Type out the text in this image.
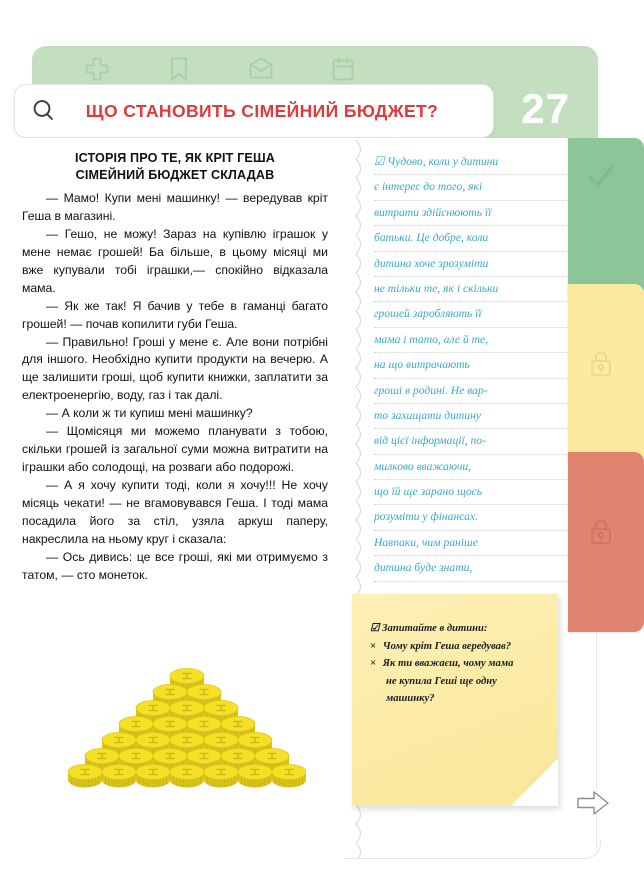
27
ЩО СТАНОВИТЬ СІМЕЙНИЙ БЮДЖЕТ?
ІСТОРІЯ ПРО ТЕ, ЯК КРІТ ГЕША
СІМЕЙНИЙ БЮДЖЕТ СКЛАДАВ

— Мамо! Купи мені машинку! — вередував кріт Геша в магазині.

— Гешо, не можу! Зараз на купівлю іграшок у мене немає грошей! Ба більше, в цьому місяці ми вже купували тобі іграшки,— спокійно відказала мама.

— Як же так! Я бачив у тебе в гаманці багато грошей! — почав копилити губи Геша.

— Правильно! Гроші у мене є. Але вони потрібні для іншого. Необхідно купити продукти на вечерю. А ще залишити гроші, щоб купити книжки, заплатити за електроенергію, воду, газ і так далі.

— А коли ж ти купиш мені машинку?

— Щомісяця ми можемо планувати з тобою, скільки грошей із загальної суми можна витратити на іграшки або солодощі, на розваги або подорожі.

— А я хочу купити тоді, коли я хочу!!! Не хочу місяць чекати! — не вгамовувався Геша. І тоді мама посадила його за стіл, узяла аркуш паперу, накреслила на ньому круг і сказала:

— Ось дивись: це все гроші, які ми отримуємо з татом, — сто монеток.

☑ Чудово, коли у дитини
є інтерес до того, які
витрати здійснюють її
батьки. Це добре, коли
дитина хоче зрозуміти
не тільки те, як і скільки
грошей заробляють її
мама і тато, але й те,
на що витрачають
гроші в родині. Не вар-
то захищати дитину
від цієї інформації, по-
милково вважаючи,
що їй ще зарано щось
розуміти у фінансах.
Навпаки, чим раніше
дитина буде знати,
☑ Запитайте в дитини:
× Чому кріт Геша вередував?
× Як ти вважаєш, чому мама
не купила Геші ще одну
машинку?
